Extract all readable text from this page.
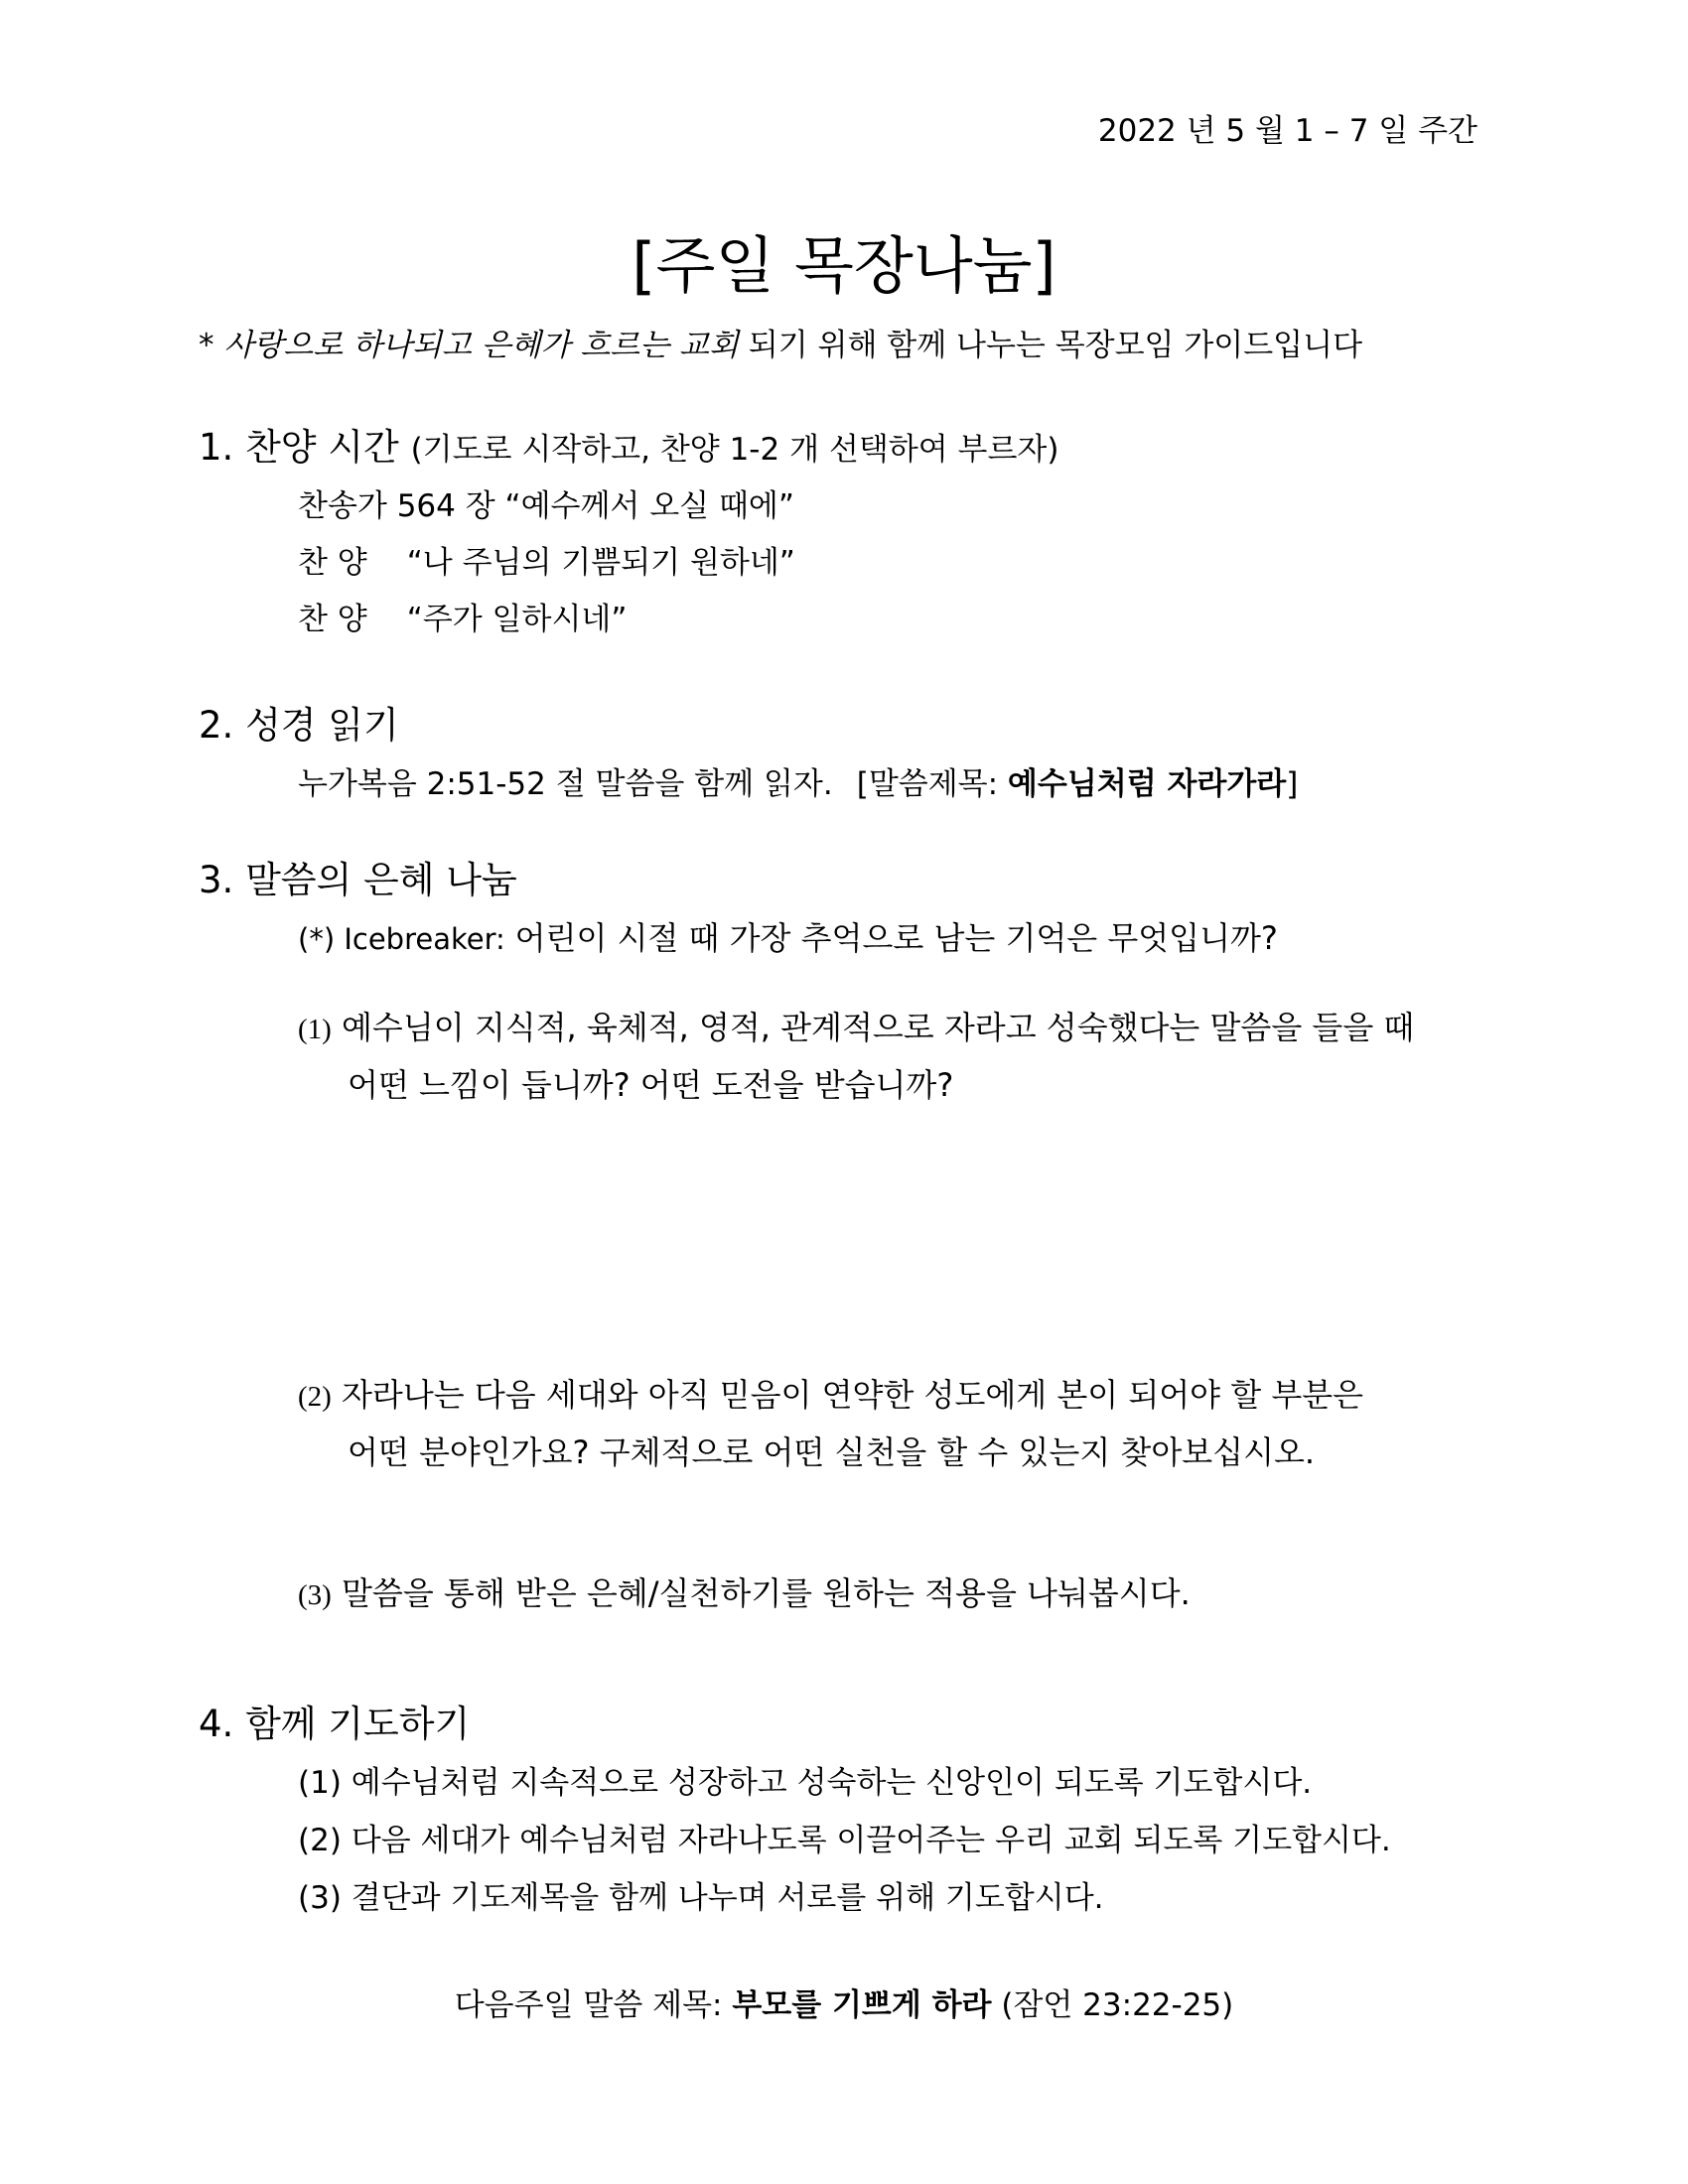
2022 년 5 월 1 – 7 일 주간
[주일 목장나눔]
* 사랑으로 하나되고 은혜가 흐르는 교회 되기 위해 함께 나누는 목장모임 가이드입니다
1. 찬양 시간 (기도로 시작하고, 찬양 1-2 개 선택하여 부르자)
찬송가 564 장 “예수께서 오실 때에”
찬 양 “나 주님의 기쁨되기 원하네”
찬 양 “주가 일하시네”
2. 성경 읽기
누가복음 2:51-52 절 말씀을 함께 읽자. [말씀제목: 예수님처럼 자라가라]
3. 말씀의 은혜 나눔
(*) Icebreaker: 어린이 시절 때 가장 추억으로 남는 기억은 무엇입니까?
(1) 예수님이 지식적, 육체적, 영적, 관계적으로 자라고 성숙했다는 말씀을 들을 때
어떤 느낌이 듭니까? 어떤 도전을 받습니까?
(2) 자라나는 다음 세대와 아직 믿음이 연약한 성도에게 본이 되어야 할 부분은
어떤 분야인가요? 구체적으로 어떤 실천을 할 수 있는지 찾아보십시오.
(3) 말씀을 통해 받은 은혜/실천하기를 원하는 적용을 나눠봅시다.
4. 함께 기도하기
(1) 예수님처럼 지속적으로 성장하고 성숙하는 신앙인이 되도록 기도합시다.
(2) 다음 세대가 예수님처럼 자라나도록 이끌어주는 우리 교회 되도록 기도합시다.
(3) 결단과 기도제목을 함께 나누며 서로를 위해 기도합시다.
다음주일 말씀 제목: 부모를 기쁘게 하라 (잠언 23:22-25)
